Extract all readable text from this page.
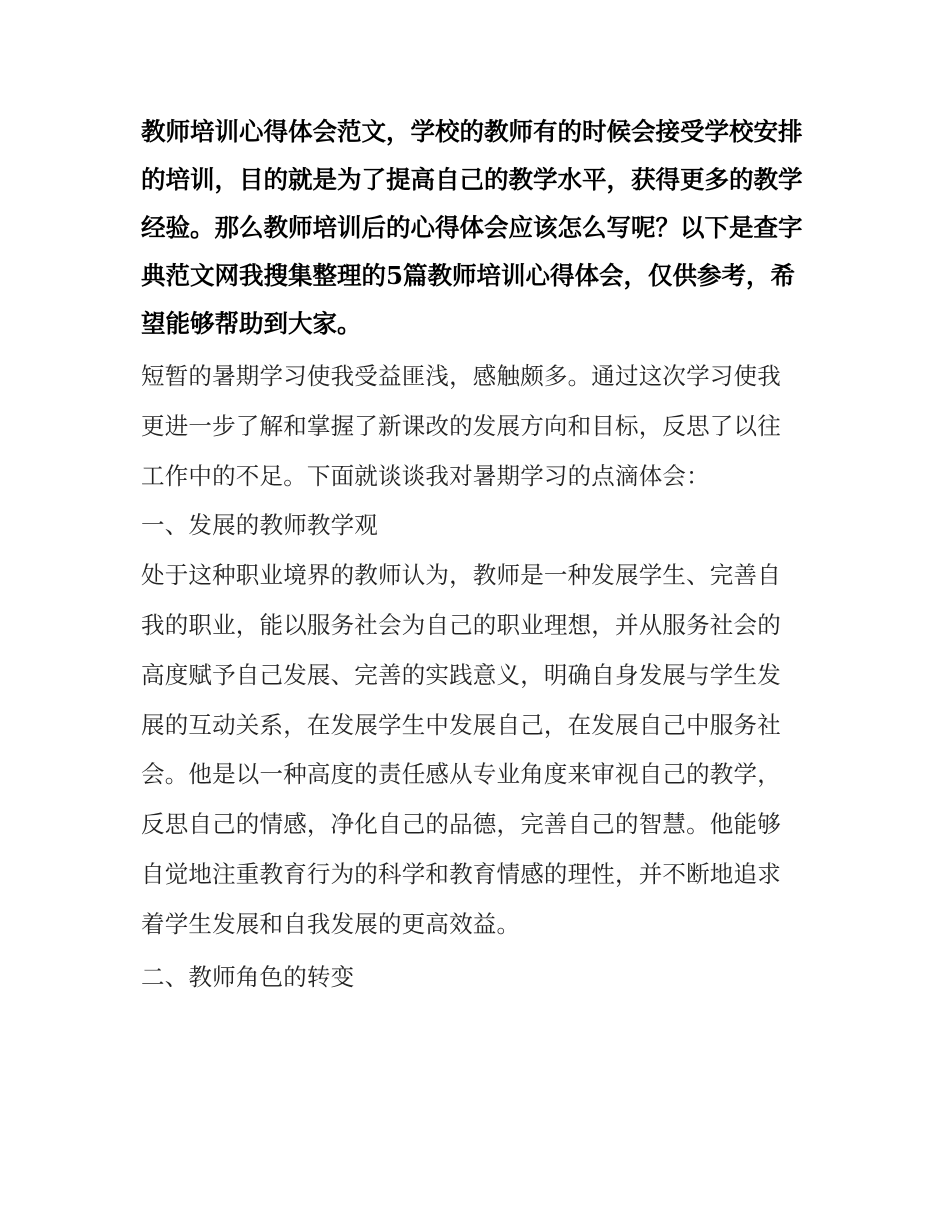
教师培训心得体会范文，学校的教师有的时候会接受学校安排

的培训，目的就是为了提高自己的教学水平，获得更多的教学

经验。那么教师培训后的心得体会应该怎么写呢？以下是查字

典范文网我搜集整理的5篇教师培训心得体会，仅供参考，希

望能够帮助到大家。

短暂的暑期学习使我受益匪浅，感触颇多。通过这次学习使我

更进一步了解和掌握了新课改的发展方向和目标，反思了以往

工作中的不足。下面就谈谈我对暑期学习的点滴体会：

一、发展的教师教学观

处于这种职业境界的教师认为，教师是一种发展学生、完善自

我的职业，能以服务社会为自己的职业理想，并从服务社会的

高度赋予自己发展、完善的实践意义，明确自身发展与学生发

展的互动关系，在发展学生中发展自己，在发展自己中服务社

会。他是以一种高度的责任感从专业角度来审视自己的教学，

反思自己的情感，净化自己的品德，完善自己的智慧。他能够

自觉地注重教育行为的科学和教育情感的理性，并不断地追求

着学生发展和自我发展的更高效益。

二、教师角色的转变
